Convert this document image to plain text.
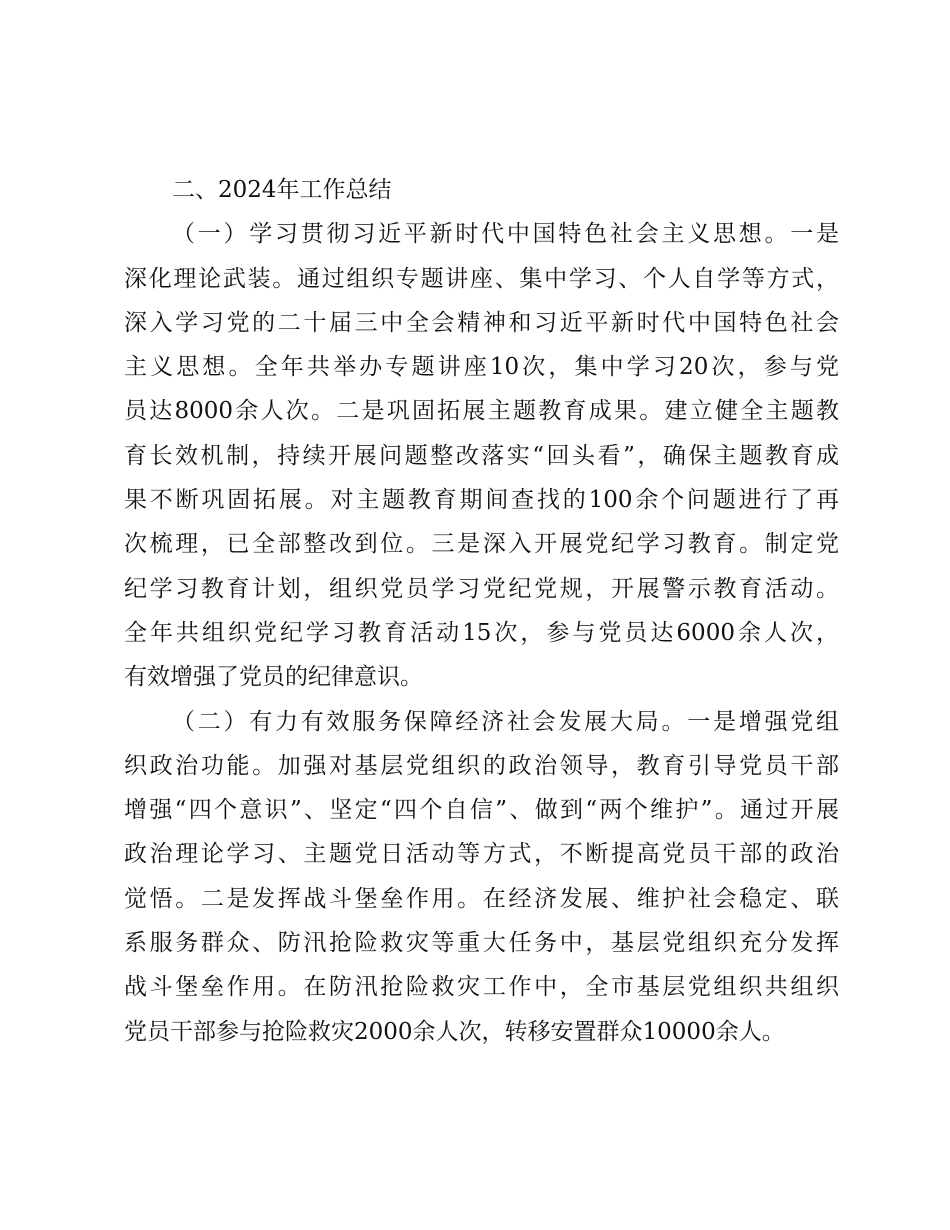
二、2024年工作总结
（一）学习贯彻习近平新时代中国特色社会主义思想。一是
深化理论武装。通过组织专题讲座、集中学习、个人自学等方式，
深入学习党的二十届三中全会精神和习近平新时代中国特色社会
主义思想。全年共举办专题讲座10次，集中学习20次，参与党
员达8000余人次。二是巩固拓展主题教育成果。建立健全主题教
育长效机制，持续开展问题整改落实“回头看”，确保主题教育成
果不断巩固拓展。对主题教育期间查找的100余个问题进行了再
次梳理，已全部整改到位。三是深入开展党纪学习教育。制定党
纪学习教育计划，组织党员学习党纪党规，开展警示教育活动。
全年共组织党纪学习教育活动15次，参与党员达6000余人次，
有效增强了党员的纪律意识。
（二）有力有效服务保障经济社会发展大局。一是增强党组
织政治功能。加强对基层党组织的政治领导，教育引导党员干部
增强“四个意识”、坚定“四个自信”、做到“两个维护”。通过开展
政治理论学习、主题党日活动等方式，不断提高党员干部的政治
觉悟。二是发挥战斗堡垒作用。在经济发展、维护社会稳定、联
系服务群众、防汛抢险救灾等重大任务中，基层党组织充分发挥
战斗堡垒作用。在防汛抢险救灾工作中，全市基层党组织共组织
党员干部参与抢险救灾2000余人次，转移安置群众10000余人。
